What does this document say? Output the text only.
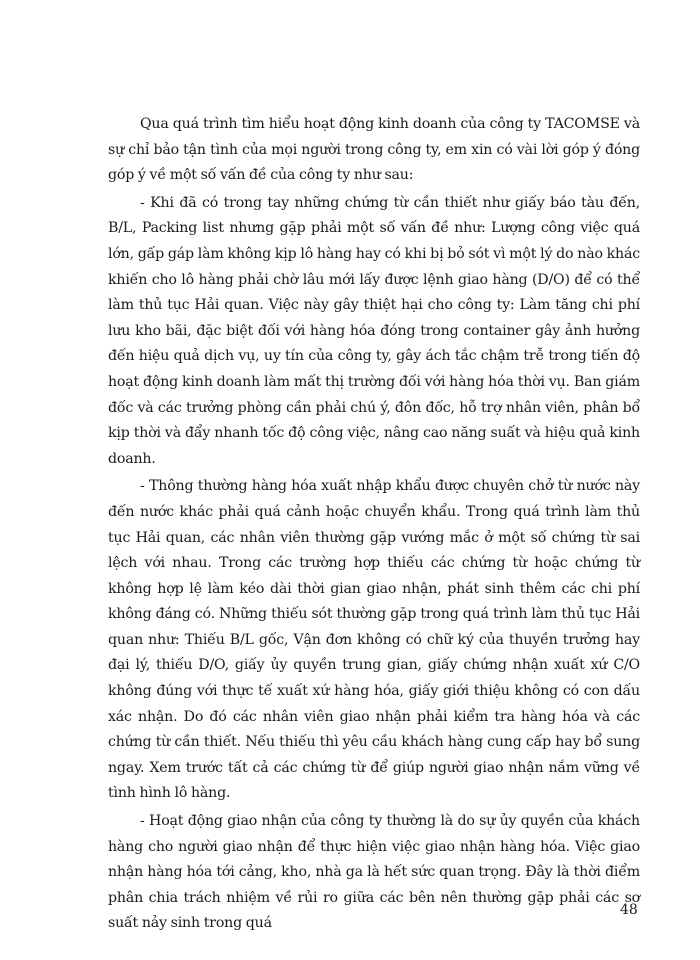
Qua quá trình tìm hiểu hoạt động kinh doanh của công ty TACOMSE và sự chỉ bảo tận tình của mọi người trong công ty, em xin có vài lời góp ý đóng góp ý về một số vấn đề của công ty như sau:

- Khi đã có trong tay những chứng từ cần thiết như giấy báo tàu đến, B/L, Packing list nhưng gặp phải một số vấn đề như: Lượng công việc quá lớn, gấp gáp làm không kịp lô hàng hay có khi bị bỏ sót vì một lý do nào khác khiến cho lô hàng phải chờ lâu mới lấy được lệnh giao hàng (D/O) để có thể làm thủ tục Hải quan. Việc này gây thiệt hại cho công ty: Làm tăng chi phí lưu kho bãi, đặc biệt đối với hàng hóa đóng trong container gây ảnh hưởng đến hiệu quả dịch vụ, uy tín của công ty, gây ách tắc chậm trễ trong tiến độ hoạt động kinh doanh làm mất thị trường đối với hàng hóa thời vụ. Ban giám đốc và các trưởng phòng cần phải chú ý, đôn đốc, hỗ trợ nhân viên, phân bổ kịp thời và đẩy nhanh tốc độ công việc, nâng cao năng suất và hiệu quả kinh doanh.

- Thông thường hàng hóa xuất nhập khẩu được chuyên chở từ nước này đến nước khác phải quá cảnh hoặc chuyển khẩu. Trong quá trình làm thủ tục Hải quan, các nhân viên thường gặp vướng mắc ở một số chứng từ sai lệch với nhau. Trong các trường hợp thiếu các chứng từ hoặc chứng từ không hợp lệ làm kéo dài thời gian giao nhận, phát sinh thêm các chi phí không đáng có. Những thiếu sót thường gặp trong quá trình làm thủ tục Hải quan như: Thiếu B/L gốc, Vận đơn không có chữ ký của thuyền trưởng hay đại lý, thiếu D/O, giấy ủy quyền trung gian, giấy chứng nhận xuất xứ C/O không đúng với thực tế xuất xứ hàng hóa, giấy giới thiệu không có con dấu xác nhận. Do đó các nhân viên giao nhận phải kiểm tra hàng hóa và các chứng từ cần thiết. Nếu thiếu thì yêu cầu khách hàng cung cấp hay bổ sung ngay. Xem trước tất cả các chứng từ để giúp người giao nhận nắm vững về tình hình lô hàng.

- Hoạt động giao nhận của công ty thường là do sự ủy quyền của khách hàng cho người giao nhận để thực hiện việc giao nhận hàng hóa. Việc giao nhận hàng hóa tới cảng, kho, nhà ga là hết sức quan trọng. Đây là thời điểm phân chia trách nhiệm về rủi ro giữa các bên nên thường gặp phải các sơ suất nảy sinh trong quá

48
